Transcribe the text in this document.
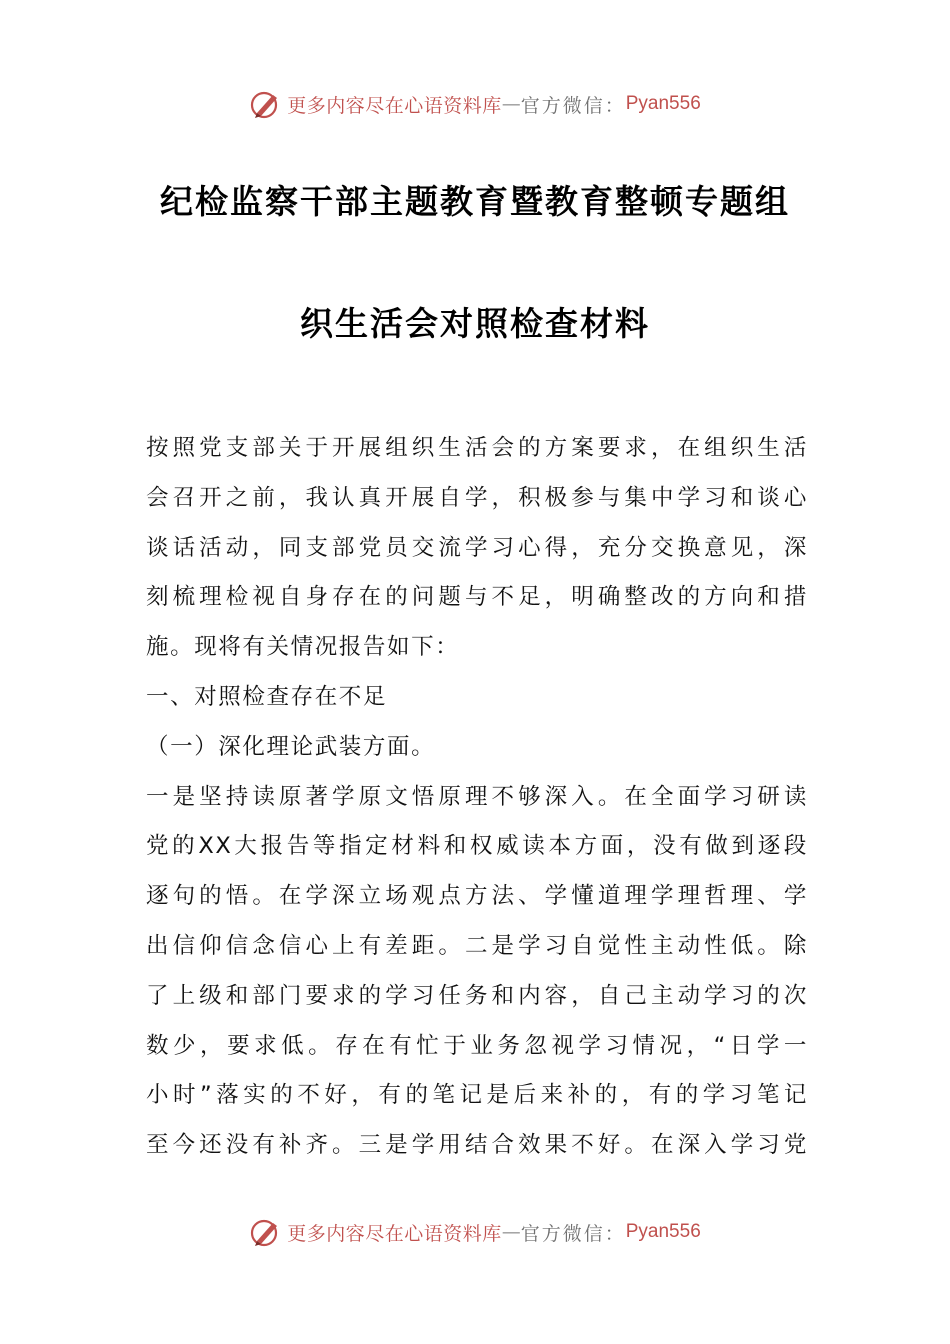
更多内容尽在心语资料库 — 官方微信： Pyan556
纪检监察干部主题教育暨教育整顿专题组
织生活会对照检查材料

按照党支部关于开展组织生活会的方案要求，在组织生活

会召开之前，我认真开展自学，积极参与集中学习和谈心

谈话活动，同支部党员交流学习心得，充分交换意见，深

刻梳理检视自身存在的问题与不足，明确整改的方向和措

施。现将有关情况报告如下：

一、对照检查存在不足

（一）深化理论武装方面。

一是坚持读原著学原文悟原理不够深入。在全面学习研读

党的XX大报告等指定材料和权威读本方面，没有做到逐段

逐句的悟。在学深立场观点方法、学懂道理学理哲理、学

出信仰信念信心上有差距。二是学习自觉性主动性低。除

了上级和部门要求的学习任务和内容，自己主动学习的次

数少，要求低。存在有忙于业务忽视学习情况，“日学一

小时”落实的不好，有的笔记是后来补的，有的学习笔记

至今还没有补齐。三是学用结合效果不好。在深入学习党

更多内容尽在心语资料库 — 官方微信： Pyan556
